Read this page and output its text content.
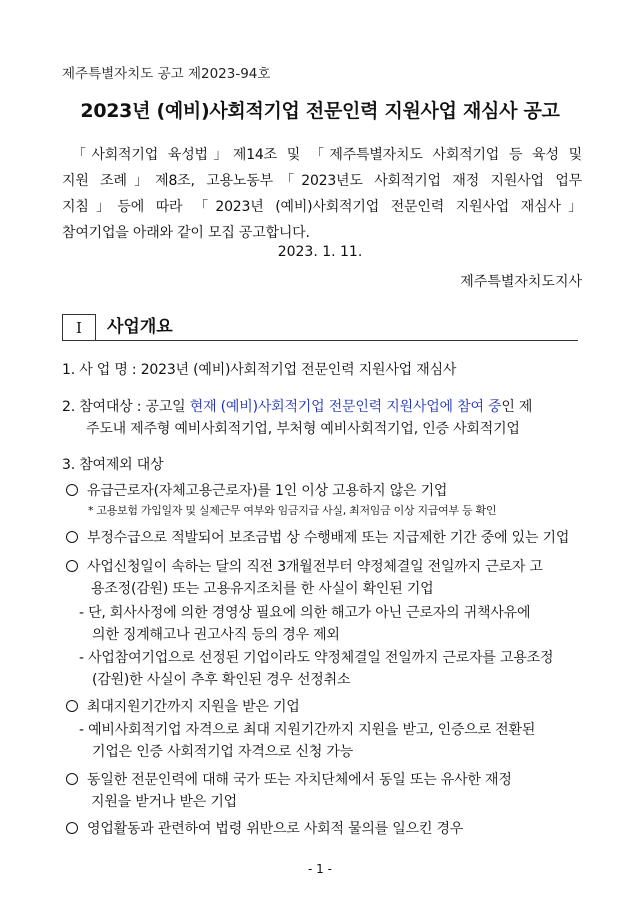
제주특별자치도 공고 제2023-94호
2023년 (예비)사회적기업 전문인력 지원사업 재심사 공고
「사회적기업 육성법」제14조 및 「제주특별자치도 사회적기업 등 육성 및
지원 조례」제8조, 고용노동부「2023년도 사회적기업 재정 지원사업 업무
지침」등에 따라 「2023년 (예비)사회적기업 전문인력 지원사업 재심사」
참여기업을 아래와 같이 모집 공고합니다.
2023. 1. 11.
제주특별자치도지사
I	사업개요
1. 사 업 명 : 2023년 (예비)사회적기업 전문인력 지원사업 재심사
2. 참여대상 : 공고일 현재 (예비)사회적기업 전문인력 지원사업에 참여 중인 제
주도내 제주형 예비사회적기업, 부처형 예비사회적기업, 인증 사회적기업
3. 참여제외 대상
유급근로자(자체고용근로자)를 1인 이상 고용하지 않은 기업
* 고용보험 가입일자 및 실제근무 여부와 임금지급 사실, 최저임금 이상 지급여부 등 확인
부정수급으로 적발되어 보조금법 상 수행배제 또는 지급제한 기간 중에 있는 기업
사업신청일이 속하는 달의 직전 3개월전부터 약정체결일 전일까지 근로자 고
용조정(감원) 또는 고용유지조치를 한 사실이 확인된 기업
- 단, 회사사정에 의한 경영상 필요에 의한 해고가 아닌 근로자의 귀책사유에
의한 징계해고나 권고사직 등의 경우 제외
- 사업참여기업으로 선정된 기업이라도 약정체결일 전일까지 근로자를 고용조정
(감원)한 사실이 추후 확인된 경우 선정취소
최대지원기간까지 지원을 받은 기업
- 예비사회적기업 자격으로 최대 지원기간까지 지원을 받고, 인증으로 전환된
기업은 인증 사회적기업 자격으로 신청 가능
동일한 전문인력에 대해 국가 또는 자치단체에서 동일 또는 유사한 재정
지원을 받거나 받은 기업
영업활동과 관련하여 법령 위반으로 사회적 물의를 일으킨 경우
- 1 -
